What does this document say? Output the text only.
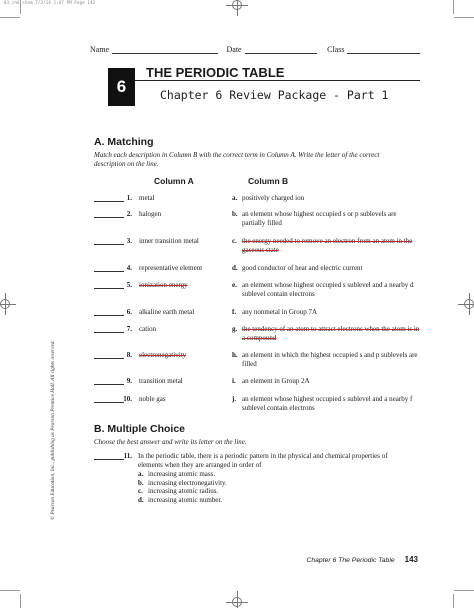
03_ch6_chem 7/3/14 3:47 PM Page 143
Name	Date	Class
6
THE PERIODIC TABLE
Chapter 6 Review Package - Part 1
A. Matching
Match each description in Column B with the correct term in Column A. Write the letter of the correct description on the line.
Column A	Column B
1. metal	a. positively charged ion
2. halogen	b. an element whose highest occupied s or p sublevels are partially filled
3. inner transition metal	c. the energy needed to remove an electron from an atom in the gaseous state
4. representative element	d. good conductor of heat and electric current
5. ionization energy	e. an element whose highest occupied s sublevel and a nearby d sublevel contain electrons
6. alkaline earth metal	f. any nonmetal in Group 7A
7. cation	g. the tendency of an atom to attract electrons when the atom is in a compound
8. electronegativity	h. an element in which the highest occupied s and p sublevels are filled
9. transition metal	i. an element in Group 2A
10. noble gas	j. an element whose highest occupied s sublevel and a nearby f sublevel contain electrons
B. Multiple Choice
Choose the best answer and write its letter on the line.
11. In the periodic table, there is a periodic pattern in the physical and chemical properties of elements when they are arranged in order of
a. increasing atomic mass.
b. increasing electronegativity.
c. increasing atomic radius.
d. increasing atomic number.
© Pearson Education, Inc., publishing as Pearson Prentice Hall. All rights reserved.
Chapter 6 The Periodic Table 143
